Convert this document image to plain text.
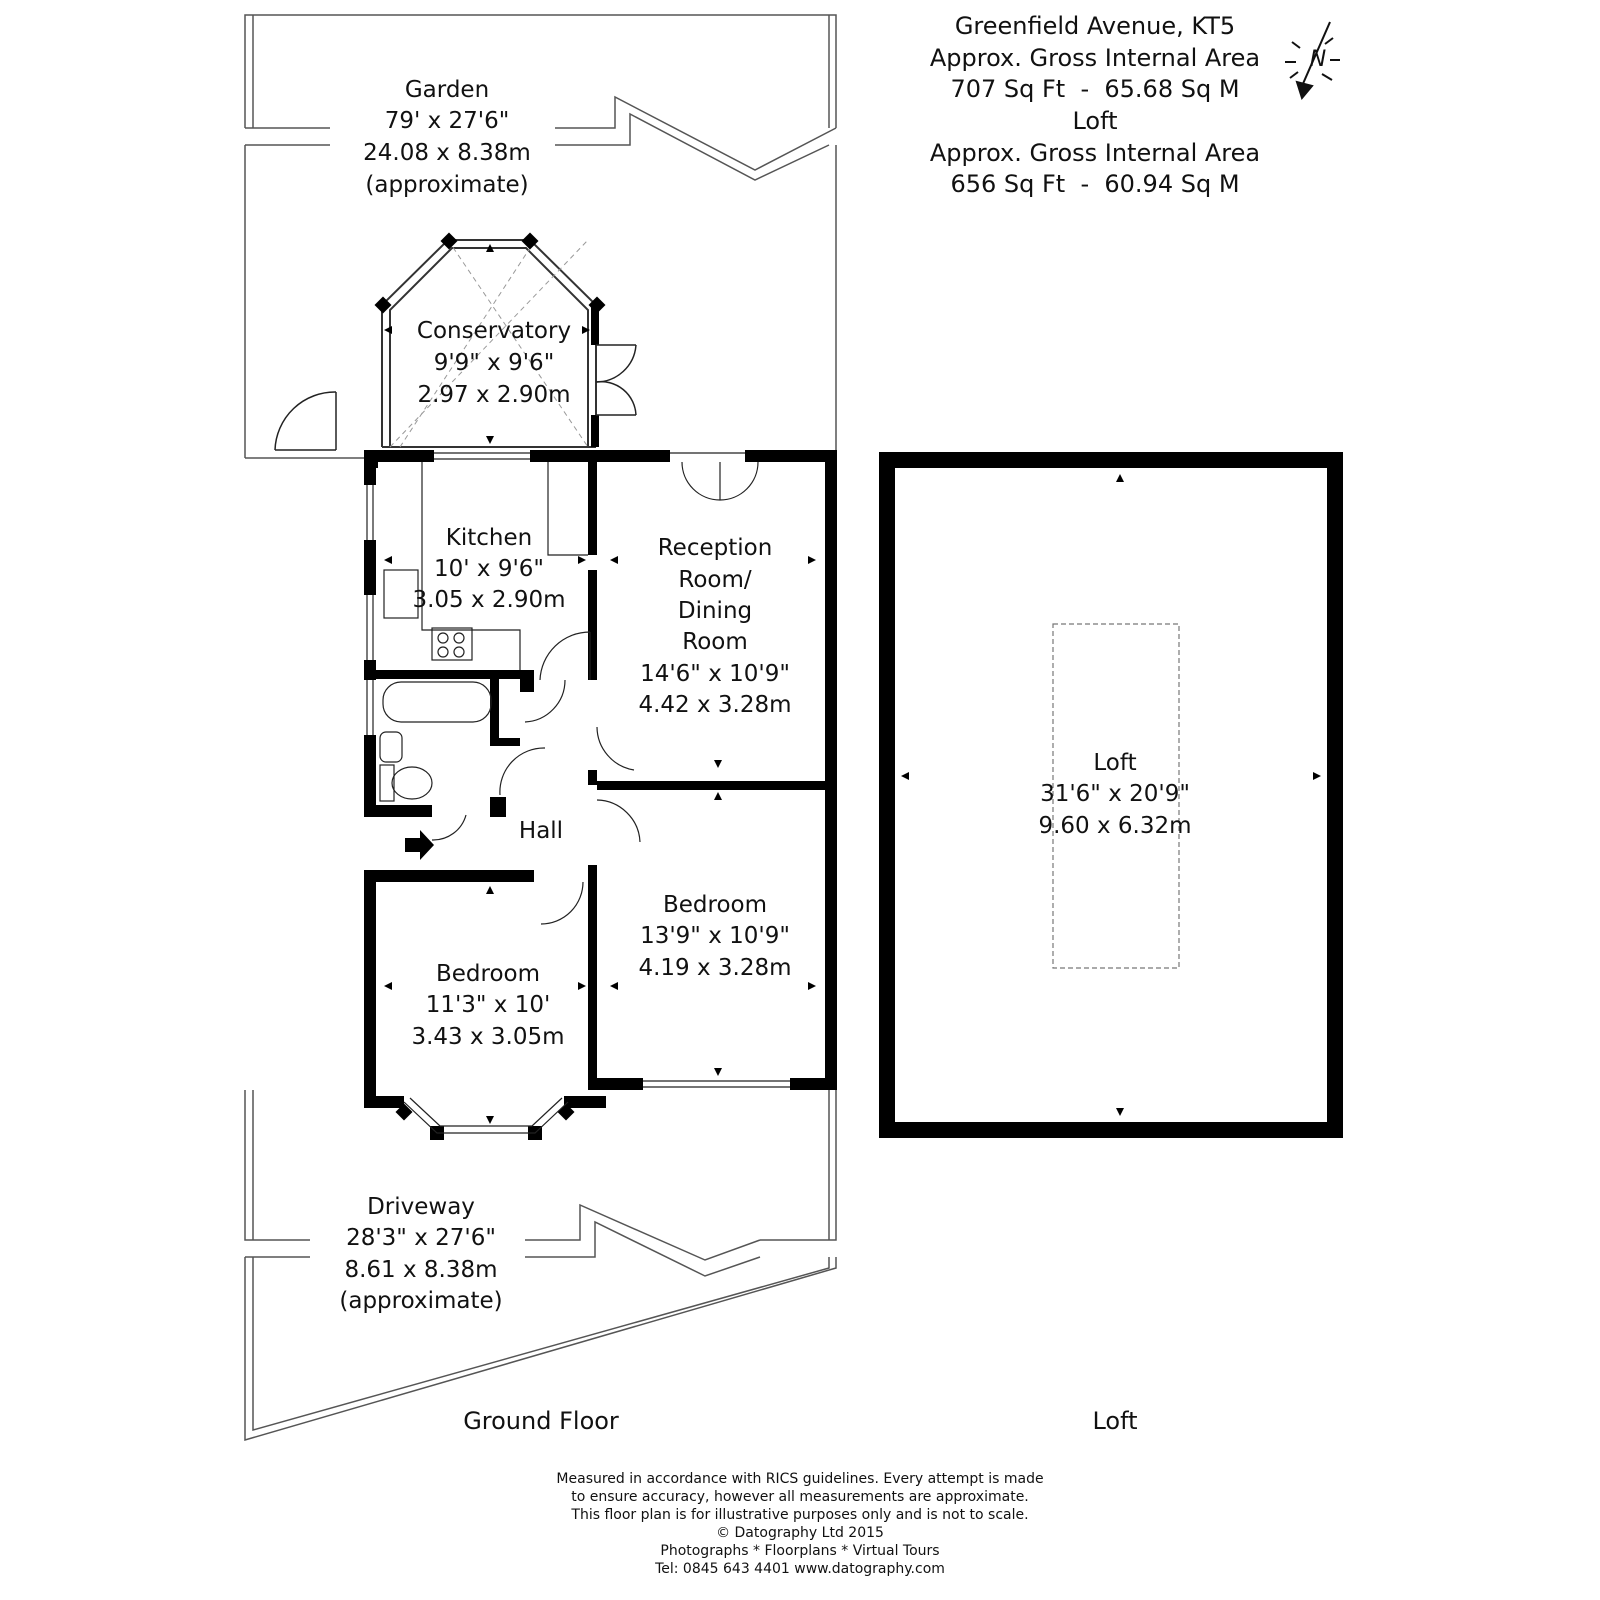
N
Greenfield Avenue, KT5
Approx. Gross Internal Area
707 Sq Ft  -  65.68 Sq M
Loft
Approx. Gross Internal Area
656 Sq Ft  -  60.94 Sq M
Garden
79' x 27'6"
24.08 x 8.38m
(approximate)
Conservatory
9'9" x 9'6"
2.97 x 2.90m
Kitchen
10' x 9'6"
3.05 x 2.90m
Reception
Room/
Dining
Room
14'6" x 10'9"
4.42 x 3.28m
Hall
Bedroom
13'9" x 10'9"
4.19 x 3.28m
Bedroom
11'3" x 10'
3.43 x 3.05m
Driveway
28'3" x 27'6"
8.61 x 8.38m
(approximate)
Loft
31'6" x 20'9"
9.60 x 6.32m
Ground Floor	Loft
Measured in accordance with RICS guidelines. Every attempt is made
to ensure accuracy, however all measurements are approximate.
This floor plan is for illustrative purposes only and is not to scale.
© Datography Ltd 2015
Photographs * Floorplans * Virtual Tours
Tel: 0845 643 4401 www.datography.com
